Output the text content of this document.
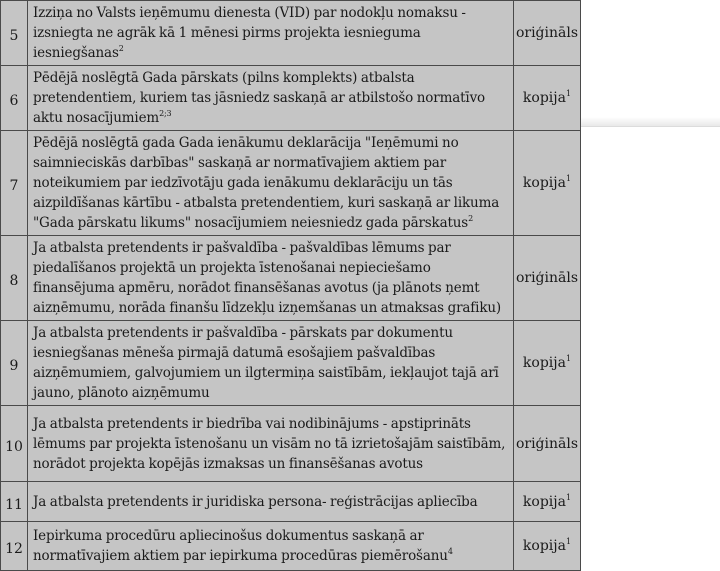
5	Izziņa no Valsts ieņēmumu dienesta (VID) par nodokļu nomaksu - izsniegta ne agrāk kā 1 mēnesi pirms projekta iesnieguma iesniegšanas$^2$	oriģināls
6	Pēdējā noslēgtā Gada pārskats (pilns komplekts) atbalsta pretendentiem, kuriem tas jāsniedz saskaņā ar atbilstošo normatīvo aktu nosacījumiem$^{2;3}$	kopija$^1$
7	Pēdējā noslēgtā gada Gada ienākumu deklarācija "Ieņēmumi no saimnieciskās darbības" saskaņā ar normatīvajiem aktiem par noteikumiem par iedzīvotāju gada ienākumu deklarāciju un tās aizpildīšanas kārtību - atbalsta pretendentiem, kuri saskaņā ar likuma "Gada pārskatu likums" nosacījumiem neiesniedz gada pārskatus$^2$	kopija$^1$
8	Ja atbalsta pretendents ir pašvaldība - pašvaldības lēmums par piedalīšanos projektā un projekta īstenošanai nepieciešamo finansējuma apmēru, norādot finansēšanas avotus (ja plānots ņemt aizņēmumu, norāda finanšu līdzekļu izņemšanas un atmaksas grafiku)	oriģināls
9	Ja atbalsta pretendents ir pašvaldība - pārskats par dokumentu iesniegšanas mēneša pirmajā datumā esošajiem pašvaldības aizņēmumiem, galvojumiem un ilgtermiņa saistībām, iekļaujot tajā arī jauno, plānoto aizņēmumu	kopija$^1$
10	Ja atbalsta pretendents ir biedrība vai nodibinājums - apstiprināts lēmums par projekta īstenošanu un visām no tā izrietošajām saistībām, norādot projekta kopējās izmaksas un finansēšanas avotus	oriģināls
11	Ja atbalsta pretendents ir juridiska persona- reģistrācijas apliecība	kopija$^1$
12	Iepirkuma procedūru apliecinošus dokumentus saskaņā ar normatīvajiem aktiem par iepirkuma procedūras piemērošanu$^4$	kopija$^1$
